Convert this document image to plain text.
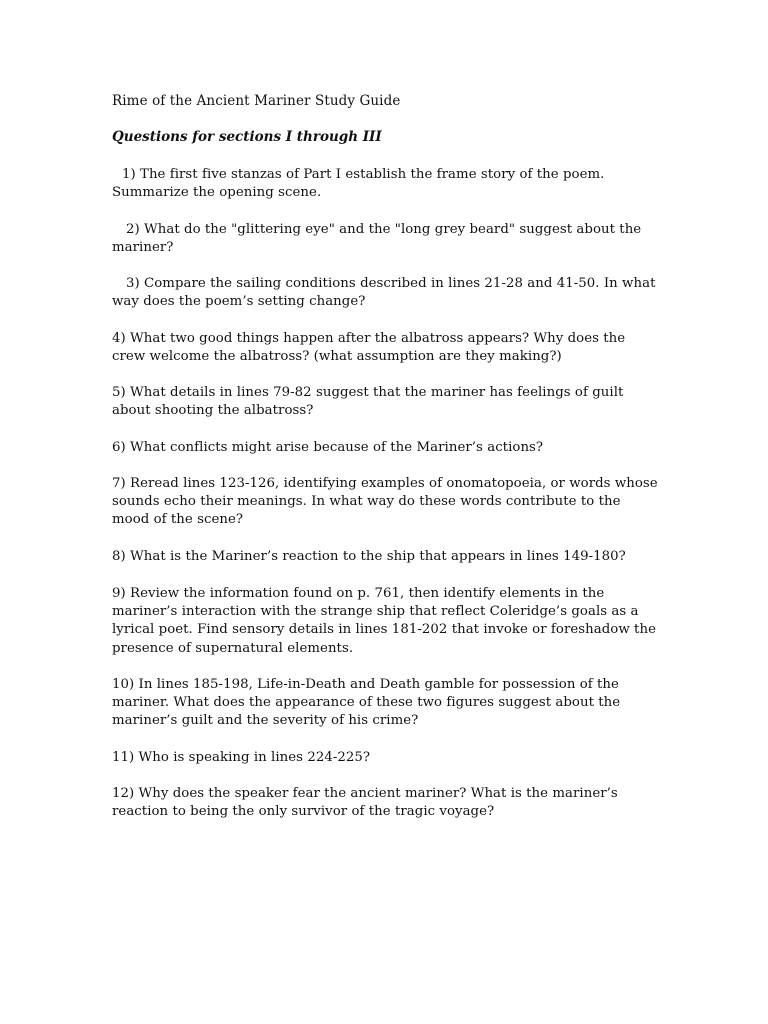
Rime of the Ancient Mariner Study Guide
Questions for sections I through III
1) The first five stanzas of Part I establish the frame story of the poem. Summarize the opening scene.
2) What do the "glittering eye" and the "long grey beard" suggest about the mariner?
3) Compare the sailing conditions described in lines 21-28 and 41-50. In what way does the poem’s setting change?
4) What two good things happen after the albatross appears? Why does the crew welcome the albatross? (what assumption are they making?)
5) What details in lines 79-82 suggest that the mariner has feelings of guilt about shooting the albatross?
6) What conflicts might arise because of the Mariner’s actions?
7) Reread lines 123-126, identifying examples of onomatopoeia, or words whose sounds echo their meanings. In what way do these words contribute to the mood of the scene?
8) What is the Mariner’s reaction to the ship that appears in lines 149-180?
9) Review the information found on p. 761, then identify elements in the mariner’s interaction with the strange ship that reflect Coleridge’s goals as a lyrical poet. Find sensory details in lines 181-202 that invoke or foreshadow the presence of supernatural elements.
10) In lines 185-198, Life-in-Death and Death gamble for possession of the mariner. What does the appearance of these two figures suggest about the mariner’s guilt and the severity of his crime?
11) Who is speaking in lines 224-225?
12) Why does the speaker fear the ancient mariner? What is the mariner’s reaction to being the only survivor of the tragic voyage?
